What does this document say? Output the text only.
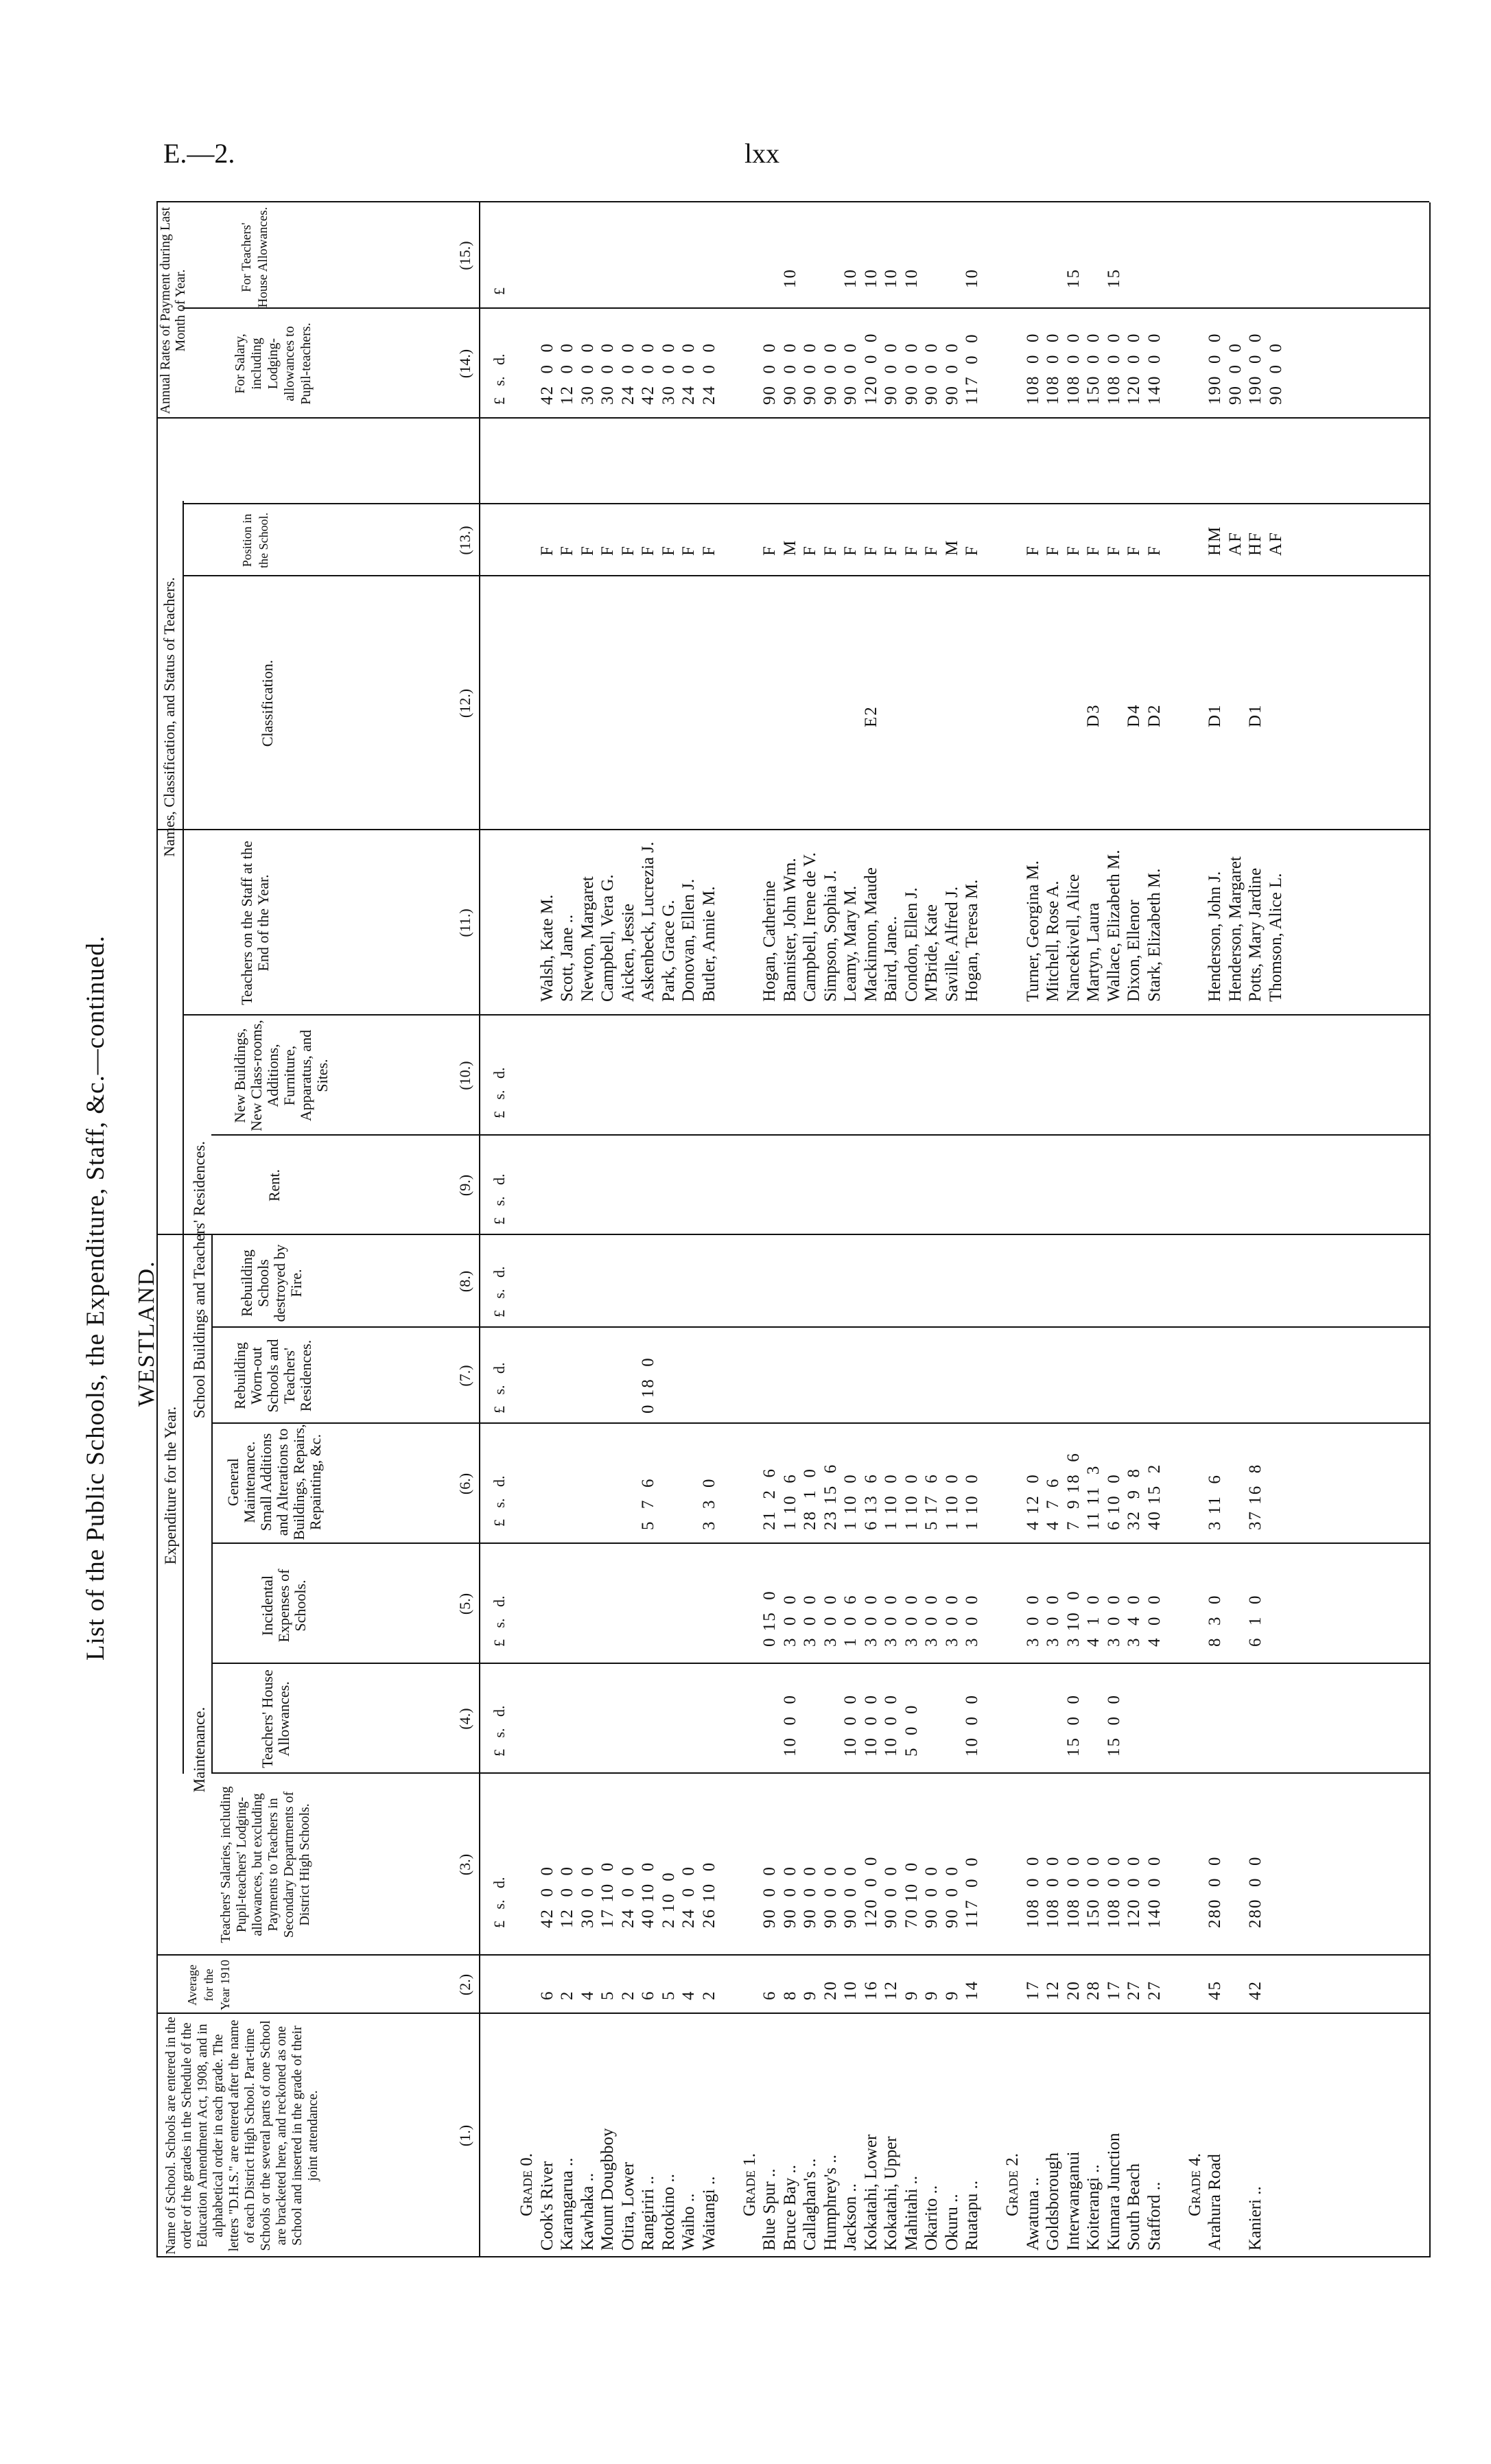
E.—2.	lxx
List of the Public Schools, the Expenditure, Staff, &c.—continued. WESTLAND.
Expenditure for the Year.
Maintenance.
School Buildings and Teachers' Residences.
Names, Classification, and Status of Teachers.
Annual Rates of Payment during Last Month of Year.
Name of School. Schools are entered in the order of the grades in the Schedule of the Education Amendment Act, 1908, and in alphabetical order in each grade. The letters "D.H.S." are entered after the name of each District High School. Part-time Schools or the several parts of one School are bracketed here, and reckoned as one School and inserted in the grade of their joint attendance.
Average for the Year 1910
Teachers' Salaries, including Pupil-teachers' Lodging-allowances, but excluding Payments to Teachers in Secondary Departments of District High Schools.
Teachers' House Allowances.
Incidental Expenses of Schools.
General Maintenance. Small Additions and Alterations to Buildings, Repairs, Repainting, &c.
Rebuilding Worn-out Schools and Teachers' Residences.
Rebuilding Schools destroyed by Fire.
Rent.
New Buildings, New Class-rooms, Additions, Furniture, Apparatus, and Sites.
Teachers on the Staff at the End of the Year.
Classification.
Position in the School.
For Salary, including Lodging-allowances to Pupil-teachers.
For Teachers' House Allowances.
(1.)
(2.)
(3.)
(4.)
(5.)
(6.)
(7.)
(8.)
(9.)
(10.)
(11.)
(12.)
(13.)
(14.)
(15.)
£   s.   d.
£   s.   d.
£   s.   d.
£   s.   d.
£   s.   d.
£   s.   d.
£   s.   d.
£   s.   d.
£   s.   d.
£
Grade 0. Cook's River
6
42  0  0
Walsh, Kate M.
F
42  0  0
Karangarua ..
2
12  0  0
Scott, Jane ..
F
12  0  0
Kawhaka ..
4
30  0  0
Newton, Margaret
F
30  0  0
Mount Dougbboy
5
17 10  0
Campbell, Vera G.
F
30  0  0
Otira, Lower
2
24  0  0
Aicken, Jessie
F
24  0  0
Rangiriri ..
6
40 10  0
5  7  6
0 18  0
Askenbeck, Lucrezia J.
F
42  0  0
Rotokino ..
5
2 10  0
Park, Grace G.
F
30  0  0
Waiho ..
4
24  0  0
Donovan, Ellen J.
F
24  0  0
Waitangi ..
2
26 10  0
3  3  0
Butler, Annie M.
F
24  0  0
Grade 1. Blue Spur ..
6
90  0  0
0 15  0
21  2  6
Hogan, Catherine
F
90  0  0
Bruce Bay ..
8
90  0  0
10  0  0
3  0  0
1 10  6
Bannister, John Wm.
M
90  0  0
10
Callaghan's ..
9
90  0  0
3  0  0
28  1  0
Campbell, Irene de V.
F
90  0  0
Humphrey's ..
20
90  0  0
3  0  0
23 15  6
Simpson, Sophia J.
F
90  0  0
Jackson ..
10
90  0  0
10  0  0
1  0  6
1 10  0
Leamy, Mary M.
F
90  0  0
10
Kokatahi, Lower
16
120  0  0
10  0  0
3  0  0
6 13  6
Mackinnon, Maude
E2
F
120  0  0
10
Kokatahi, Upper
12
90  0  0
10  0  0
3  0  0
1 10  0
Baird, Jane..
F
90  0  0
10
Mahitahi ..
9
70 10  0
5  0  0
3  0  0
1 10  0
Condon, Ellen J.
F
90  0  0
10
Okarito ..
9
90  0  0
3  0  0
5 17  6
M'Bride, Kate
F
90  0  0
Okuru ..
9
90  0  0
3  0  0
1 10  0
Saville, Alfred J.
M
90  0  0
Ruatapu ..
14
117  0  0
10  0  0
3  0  0
1 10  0
Hogan, Teresa M.
F
117  0  0
10
Grade 2. Awatuna ..
17
108  0  0
3  0  0
4 12  0
Turner, Georgina M.
F
108  0  0
Goldsborough
12
108  0  0
3  0  0
4  7  6
Mitchell, Rose A.
F
108  0  0
Interwanganui
20
108  0  0
15  0  0
3 10  0
7  9 18  6
Nancekivell, Alice
F
108  0  0
15
Koiterangi ..
28
150  0  0
4  1  0
11 11  3
Martyn, Laura
D3
F
150  0  0
Kumara Junction
17
108  0  0
15  0  0
3  0  0
6 10  0
Wallace, Elizabeth M.
F
108  0  0
15
South Beach
27
120  0  0
3  4  0
32  9  8
Dixon, Ellenor
D4
F
120  0  0
Stafford ..
27
140  0  0
4  0  0
40 15  2
Stark, Elizabeth M.
D2
F
140  0  0
Grade 4. Arahura Road
45
280  0  0
8  3  0
3 11  6
Henderson, John J.
D1
HM
190  0  0
Henderson, Margaret
AF
90  0  0
Kanieri ..
42
280  0  0
6  1  0
37 16  8
Potts, Mary Jardine
D1
HF
190  0  0
Thomson, Alice L.
AF
90  0  0
